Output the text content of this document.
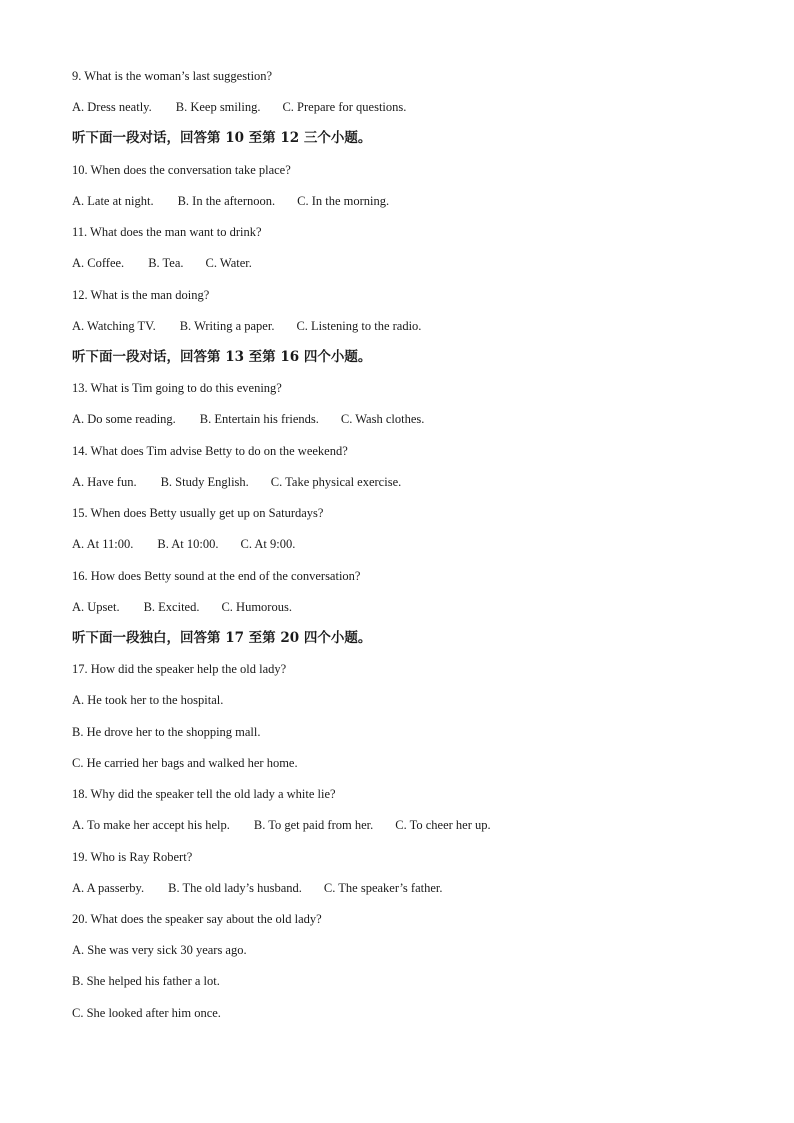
9. What is the woman’s last suggestion?
A. Dress neatly. B. Keep smiling. C. Prepare for questions.
听下面一段对话，回答第 10 至第 12 三个小题。
10. When does the conversation take place?
A. Late at night. B. In the afternoon. C. In the morning.
11. What does the man want to drink?
A. Coffee. B. Tea. C. Water.
12. What is the man doing?
A. Watching TV. B. Writing a paper. C. Listening to the radio.
听下面一段对话，回答第 13 至第 16 四个小题。
13. What is Tim going to do this evening?
A. Do some reading. B. Entertain his friends. C. Wash clothes.
14. What does Tim advise Betty to do on the weekend?
A. Have fun. B. Study English. C. Take physical exercise.
15. When does Betty usually get up on Saturdays?
A. At 11:00. B. At 10:00. C. At 9:00.
16. How does Betty sound at the end of the conversation?
A. Upset. B. Excited. C. Humorous.
听下面一段独白，回答第 17 至第 20 四个小题。
17. How did the speaker help the old lady?
A. He took her to the hospital.
B. He drove her to the shopping mall.
C. He carried her bags and walked her home.
18. Why did the speaker tell the old lady a white lie?
A. To make her accept his help. B. To get paid from her. C. To cheer her up.
19. Who is Ray Robert?
A. A passerby. B. The old lady’s husband. C. The speaker’s father.
20. What does the speaker say about the old lady?
A. She was very sick 30 years ago.
B. She helped his father a lot.
C. She looked after him once.
